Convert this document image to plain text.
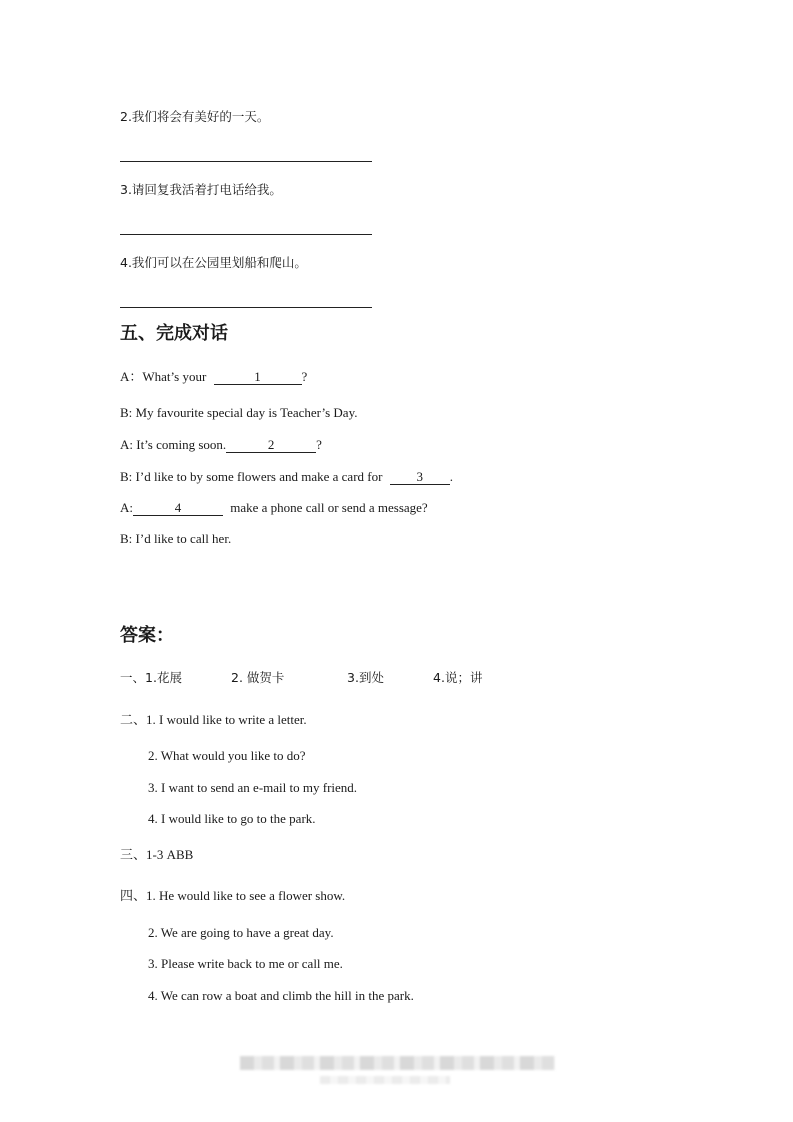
2.我们将会有美好的一天。
3.请回复我活着打电话给我。
4.我们可以在公园里划船和爬山。
五、完成对话
A：What’s your	1	?
B: My favourite special day is Teacher’s Day.
A: It’s coming soon.	2	?
B: I’d like to by some flowers and make a card for	3 .
A:	4	make a phone call or send a message?
B: I’d like to call her.
答案：
一、1.花展	2. 做贺卡	3.到处	4.说；讲
二、1. I would like to write a letter.
2. What would you like to do?
3. I want to send an e-mail to my friend.
4. I would like to go to the park.
三、1-3 ABB
四、1. He would like to see a flower show.
2. We are going to have a great day.
3. Please write back to me or call me.
4. We can row a boat and climb the hill in the park.
